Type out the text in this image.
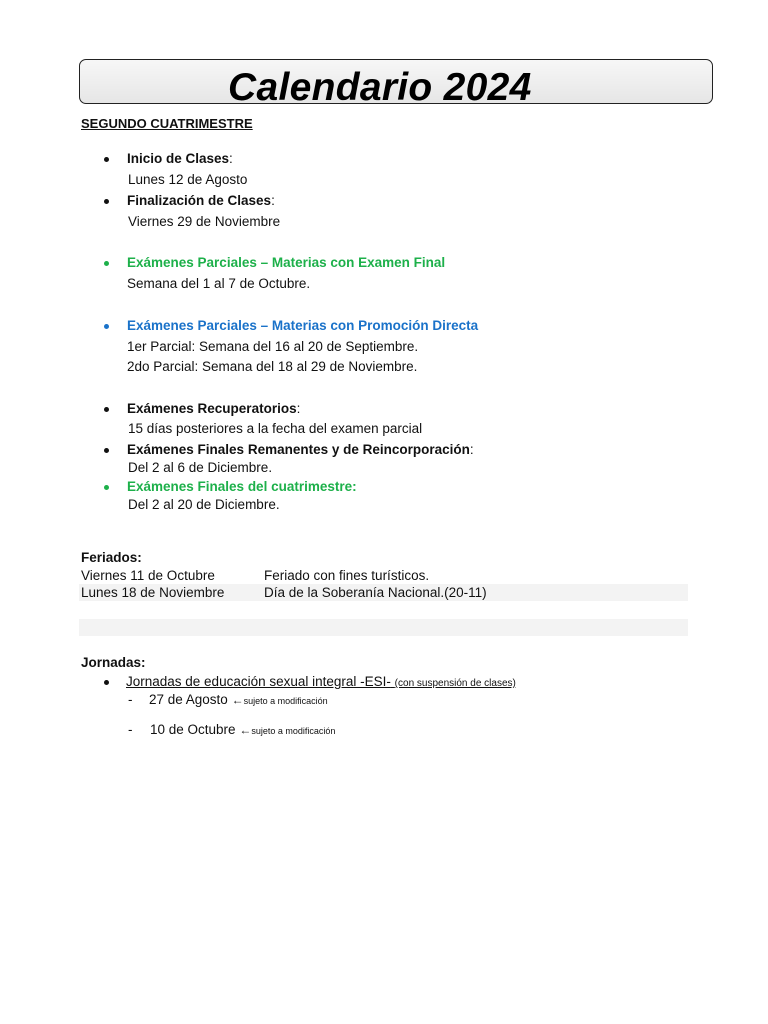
Calendario 2024
SEGUNDO CUATRIMESTRE
Inicio de Clases:
Lunes 12 de Agosto
Finalización de Clases:
Viernes 29 de Noviembre
Exámenes Parciales – Materias con Examen Final
Semana del 1 al 7 de Octubre.
Exámenes Parciales – Materias con Promoción Directa
1er Parcial: Semana del 16 al 20 de Septiembre.
2do Parcial: Semana del 18 al 29 de Noviembre.
Exámenes Recuperatorios:
15 días posteriores a la fecha del examen parcial
Exámenes Finales Remanentes y de Reincorporación:
Del 2 al 6 de Diciembre.
Exámenes Finales del cuatrimestre:
Del 2 al 20 de Diciembre.
Feriados:
Viernes 11 de Octubre	Feriado con fines turísticos.
Lunes 18 de Noviembre	Día de la Soberanía Nacional.(20-11)
Jornadas:
Jornadas de educación sexual integral -ESI- (con suspensión de clases)
- 27 de Agosto ←sujeto a modificación
- 10 de Octubre ←sujeto a modificación
